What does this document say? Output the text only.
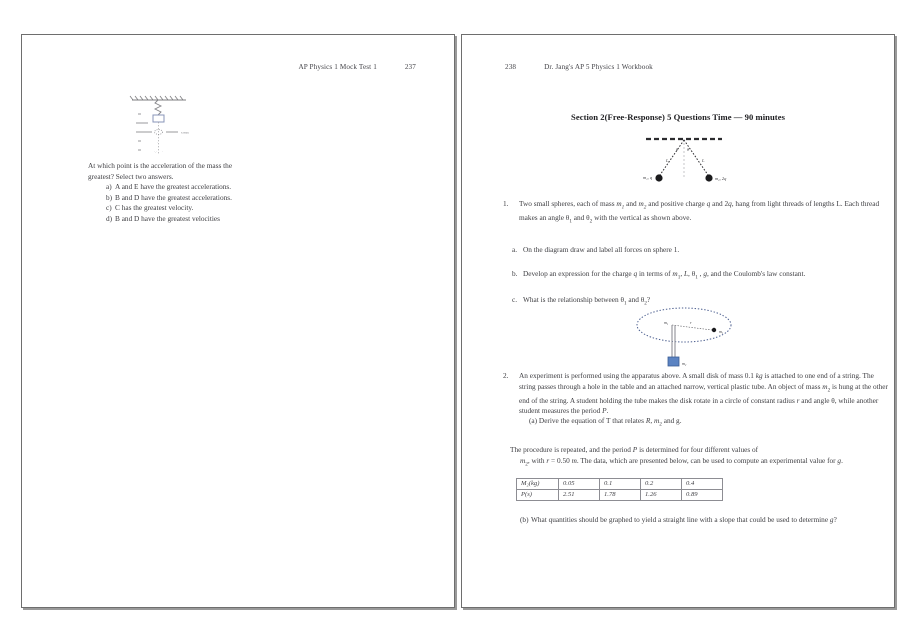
AP Physics 1 Mock Test 1	237
x max
·
·.· ·

At which point is the acceleration of the mass the greatest? Select two answers.

a) A and E have the greatest accelerations.
b) B and D have the greatest accelerations.
c) C has the greatest velocity.
d) B and D have the greatest velocities
238	Dr. Jang's AP 5 Physics 1 Workbook
Section 2(Free-Response) 5 Questions Time — 90 minutes
θ θ
L	L
m₁, q	m₂, 2q

1. Two small spheres, each of mass $m_1$ and $m_2$ and positive charge q and 2q, hang from light threads of lengths L. Each thread makes an angle $\theta_1$ and $\theta_2$ with the vertical as shown above.

a. On the diagram draw and label all forces on sphere 1.

b. Develop an expression for the charge q in terms of $m_1$, L, $\theta_1$ , g, and the Coulomb's law constant.

c. What is the relationship between $\theta_1$ and $\theta_2$?

m₁	r
m₁
m₂

2. An experiment is performed using the apparatus above. A small disk of mass 0.1 kg is attached to one end of a string. The string passes through a hole in the table and an attached narrow, vertical plastic tube. An object of mass $m_2$ is hung at the other end of the string. A student holding the tube makes the disk rotate in a circle of constant radius r and angle θ, while another student measures the period P.
(a) Derive the equation of T that relates R, $m_2$ and g.

The procedure is repeated, and the period P is determined for four different values of
$m_2$, with r = 0.50 m. The data, which are presented below, can be used to compute an experimental value for g.

M₂(kg)	0.05	0.1	0.2	0.4
P(s)	2.51	1.78	1.26	0.89

(b) What quantities should be graphed to yield a straight line with a slope that could be used to determine g?
